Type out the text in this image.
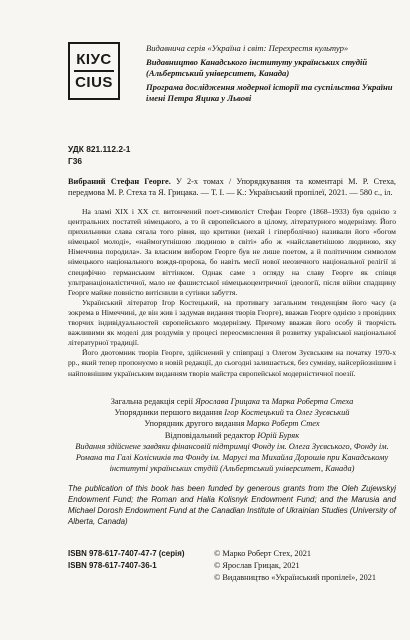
КІУС
CIUS
Видавнича серія «Україна і світ: Перехрестя культур»
Видавництво Канадського інституту українських студій (Альбертський університет, Канада)
Програма дослідження модерної історії та суспільства України імені Петра Яцика у Львові
УДК 821.112.2-1
Г36
Вибраний Стефан Георге. У 2-х томах / Упорядкування та коментарі М. Р. Стеха, передмова М. Р. Стеха та Я. Грицака. — Т. І. — К.: Український пропілеї, 2021. — 580 с., іл.

На зламі XIX і XX ст. витончений поет-символіст Стефан Георге (1868–1933) був однією з центральних постатей німецького, а то й європейського в цілому, літературного модернізму. Його прихильники слава сягала того рівня, що критики (нехай і гіперболічно) називали його «богом німецької молоді», «наймогутнішою людиною в світі» або ж «найславетнішою людиною, яку Німеччина породила». За власним вибором Георге був не лише поетом, а й політичним символом німецького національного вождя-пророка, бо навіть месії нової неозичного національної релігії зі специфічно германським віттінком. Однак саме з огляду на славу Георге як співця ультранаціоналістичної, мало не фашистської німецькоцентричної ідеології, після війни спадщину Георге майже повністю витіснили в сутінки забуття.

Український літератор Ігор Костецький, на противагу загальним тенденціям його часу (а зокрема в Німеччині, де він жив і задумав видання творів Георге), вважав Георге однією з провідних творчих індивідуальностей європейського модернізму. Причому вважав його особу й творчість важливими як моделі для роздумів у процесі переосмислення й розвитку української національної літературної традиції.

Його двотомник творів Георге, здійснений у співпраці з Олегом Зуєвським на початку 1970-х рр., який тепер пропонуємо в новій редакції, до сьогодні залишається, без сумніву, найсерйознішим і найповнішим українським виданням творів майстра європейської модерністичної поезії.

Загальна редакція серії Ярослава Грицака та Марка Роберта Стеха
Упорядники першого видання Ігор Костецький та Олег Зуєвський
Упорядник другого видання Марко Роберт Стех
Відповідальний редактор Юрій Буряк
Видання здійснене завдяки фінансовій підтримці Фонду ім. Олега Зуєвського, Фонду ім. Романа та Галі Колісників та Фонду ім. Марусі та Михайла Дорошів при Канадському інституті українських студій (Альбертський університет, Канада)
The publication of this book has been funded by generous grants from the Oleh Zujewskyj Endowment Fund; the Roman and Halia Kolisnyk Endowment Fund; and the Marusia and Michael Dorosh Endowment Fund at the Canadian Institute of Ukrainian Studies (University of Alberta, Canada)
ISBN 978-617-7407-47-7 (серія)
ISBN 978-617-7407-36-1
© Марко Роберт Стех, 2021
© Ярослав Грицак, 2021
© Видавництво «Український пропілеї», 2021
